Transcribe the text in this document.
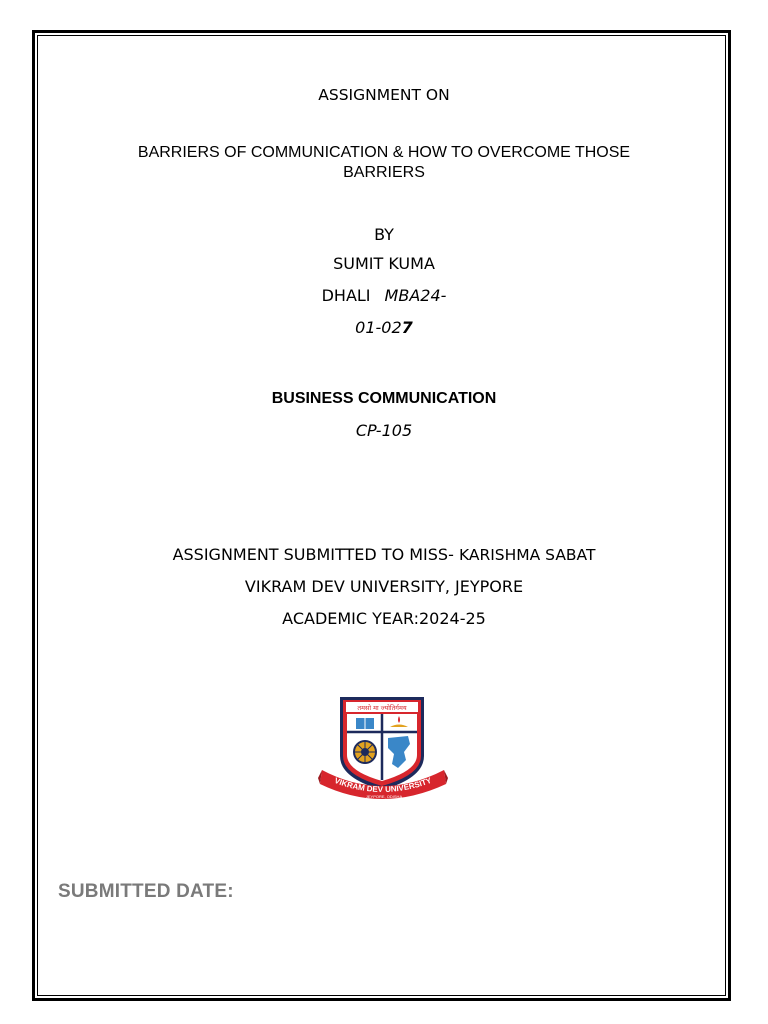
ASSIGNMENT ON
BARRIERS OF COMMUNICATION & HOW TO OVERCOME THOSE
BARRIERS
BY
SUMIT KUMA
DHALI MBA24-
01-027
BUSINESS COMMUNICATION
CP-105
ASSIGNMENT SUBMITTED TO MISS- KARISHMA SABAT
VIKRAM DEV UNIVERSITY, JEYPORE
ACADEMIC YEAR:2024-25
तमसो मा ज्योतिर्गमय
VIKRAM DEV UNIVERSITY
JEYPORE, ODISHA
SUBMITTED DATE:
